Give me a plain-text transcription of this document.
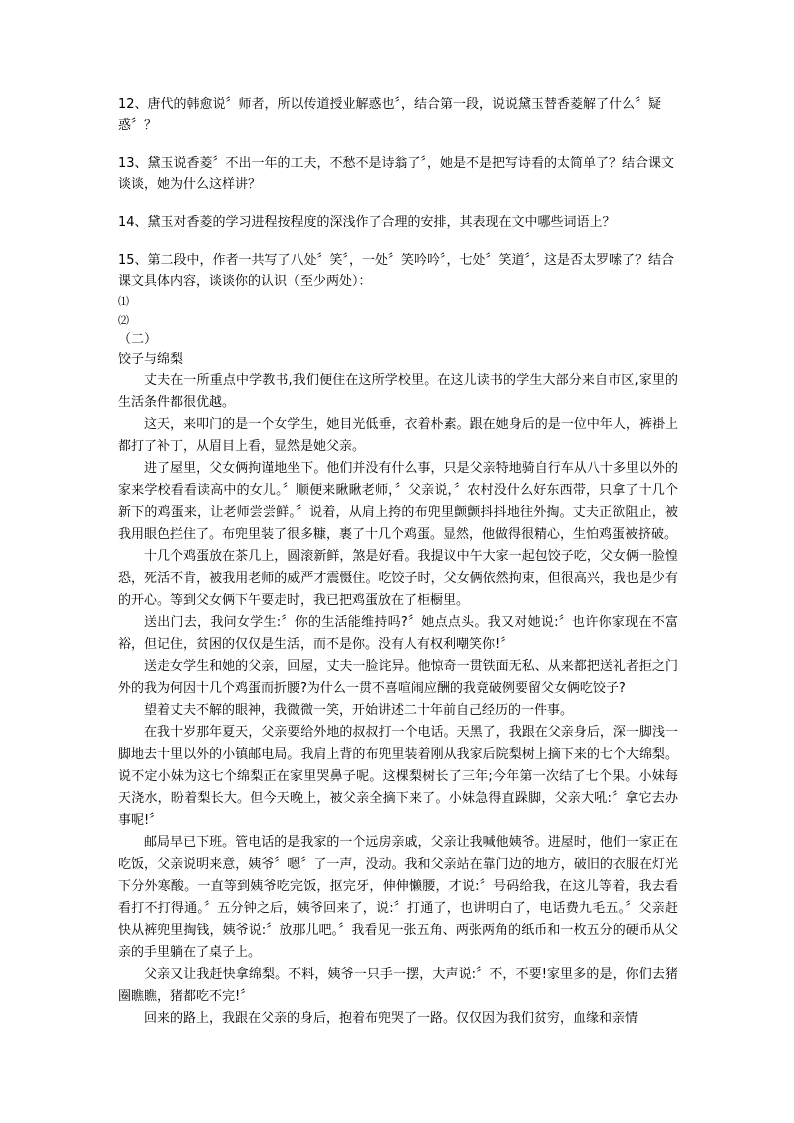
12、唐代的韩愈说〞师者，所以传道授业解惑也〞，结合第一段，说说黛玉替香菱解了什么〞疑惑〞？

13、黛玉说香菱〞不出一年的工夫，不愁不是诗翁了〞，她是不是把写诗看的太简单了？结合课文谈谈，她为什么这样讲？

14、黛玉对香菱的学习进程按程度的深浅作了合理的安排，其表现在文中哪些词语上？

15、第二段中，作者一共写了八处〞笑〞，一处〞笑吟吟〞，七处〞笑道〞，这是否太罗嗦了？结合课文具体内容，谈谈你的认识（至少两处）：

⑴

⑵

（二）

饺子与绵梨

丈夫在一所重点中学教书,我们便住在这所学校里。在这儿读书的学生大部分来自市区,家里的生活条件都很优越。

这天，来叩门的是一个女学生，她目光低垂，衣着朴素。跟在她身后的是一位中年人，裤褂上都打了补丁，从眉目上看，显然是她父亲。

进了屋里，父女俩拘谨地坐下。他们并没有什么事，只是父亲特地骑自行车从八十多里以外的家来学校看看读高中的女儿。〞顺便来瞅瞅老师，〞父亲说，〞农村没什么好东西带，只拿了十几个新下的鸡蛋来，让老师尝尝鲜。〞说着，从肩上挎的布兜里颤颤抖抖地往外掏。丈夫正欲阻止，被我用眼色拦住了。布兜里装了很多糠，裹了十几个鸡蛋。显然，他做得很精心，生怕鸡蛋被挤破。

十几个鸡蛋放在茶几上，圆滚新鲜，煞是好看。我提议中午大家一起包饺子吃，父女俩一脸惶恐，死活不肯，被我用老师的威严才震慑住。吃饺子时，父女俩依然拘束，但很高兴，我也是少有的开心。等到父女俩下午要走时，我已把鸡蛋放在了柜橱里。

送出门去，我问女学生:〞你的生活能维持吗?〞她点点头。我又对她说:〞也许你家现在不富裕，但记住，贫困的仅仅是生活，而不是你。没有人有权利嘲笑你!〞

送走女学生和她的父亲，回屋，丈夫一脸诧异。他惊奇一贯铁面无私、从来都把送礼者拒之门外的我为何因十几个鸡蛋而折腰?为什么一贯不喜喧闹应酬的我竟破例要留父女俩吃饺子?

望着丈夫不解的眼神，我微微一笑，开始讲述二十年前自己经历的一件事。

在我十岁那年夏天，父亲要给外地的叔叔打一个电话。天黑了，我跟在父亲身后，深一脚浅一脚地去十里以外的小镇邮电局。我肩上背的布兜里装着刚从我家后院梨树上摘下来的七个大绵梨。说不定小妹为这七个绵梨正在家里哭鼻子呢。这棵梨树长了三年;今年第一次结了七个果。小妹每天浇水，盼着梨长大。但今天晚上，被父亲全摘下来了。小妹急得直跺脚，父亲大吼:〞拿它去办事呢!〞

邮局早已下班。管电话的是我家的一个远房亲戚，父亲让我喊他姨爷。进屋时，他们一家正在吃饭，父亲说明来意，姨爷〞嗯〞了一声，没动。我和父亲站在靠门边的地方，破旧的衣服在灯光下分外寒酸。一直等到姨爷吃完饭，抠完牙，伸伸懒腰，才说:〞号码给我，在这儿等着，我去看看打不打得通。〞五分钟之后，姨爷回来了，说:〞打通了，也讲明白了，电话费九毛五。〞父亲赶快从裤兜里掏钱，姨爷说:〞放那儿吧。〞我看见一张五角、两张两角的纸币和一枚五分的硬币从父亲的手里躺在了桌子上。

父亲又让我赶快拿绵梨。不料，姨爷一只手一摆，大声说:〞不，不要!家里多的是，你们去猪圈瞧瞧，猪都吃不完!〞

回来的路上，我跟在父亲的身后，抱着布兜哭了一路。仅仅因为我们贫穷，血缘和亲情
